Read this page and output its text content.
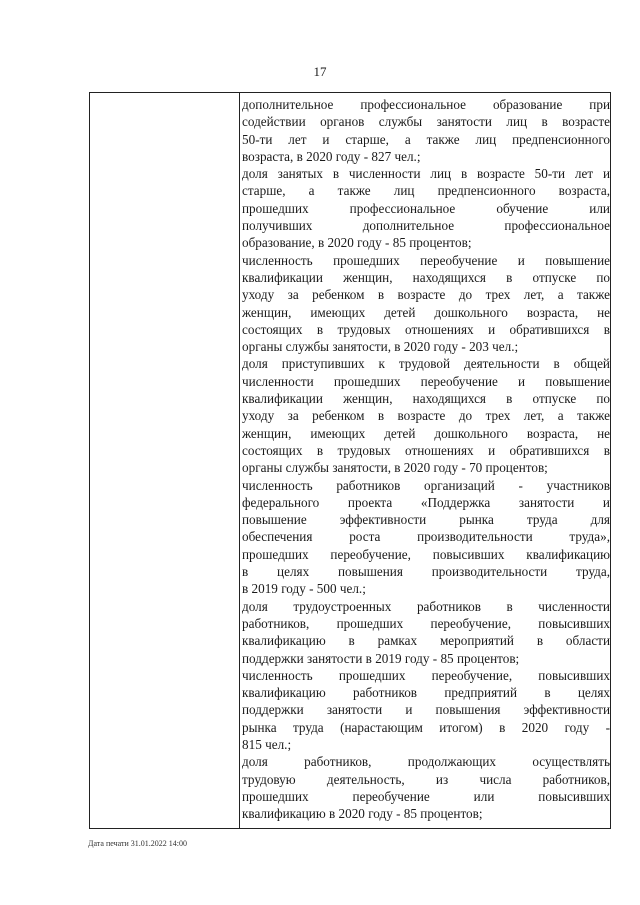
17
дополнительное профессиональное образование при
содействии органов службы занятости лиц в возрасте
50-ти лет и старше, а также лиц предпенсионного
возраста, в 2020 году - 827 чел.;
доля занятых в численности лиц в возрасте 50-ти лет и
старше, а также лиц предпенсионного возраста,
прошедших профессиональное обучение или
получивших дополнительное профессиональное
образование, в 2020 году - 85 процентов;
численность прошедших переобучение и повышение
квалификации женщин, находящихся в отпуске по
уходу за ребенком в возрасте до трех лет, а также
женщин, имеющих детей дошкольного возраста, не
состоящих в трудовых отношениях и обратившихся в
органы службы занятости, в 2020 году - 203 чел.;
доля приступивших к трудовой деятельности в общей
численности прошедших переобучение и повышение
квалификации женщин, находящихся в отпуске по
уходу за ребенком в возрасте до трех лет, а также
женщин, имеющих детей дошкольного возраста, не
состоящих в трудовых отношениях и обратившихся в
органы службы занятости, в 2020 году - 70 процентов;
численность работников организаций - участников
федерального проекта «Поддержка занятости и
повышение эффективности рынка труда для
обеспечения роста производительности труда»,
прошедших переобучение, повысивших квалификацию
в целях повышения производительности труда,
в 2019 году - 500 чел.;
доля трудоустроенных работников в численности
работников, прошедших переобучение, повысивших
квалификацию в рамках мероприятий в области
поддержки занятости в 2019 году - 85 процентов;
численность прошедших переобучение, повысивших
квалификацию работников предприятий в целях
поддержки занятости и повышения эффективности
рынка труда (нарастающим итогом) в 2020 году -
815 чел.;
доля работников, продолжающих осуществлять
трудовую деятельность, из числа работников,
прошедших переобучение или повысивших
квалификацию в 2020 году - 85 процентов;
Дата печати 31.01.2022 14:00
